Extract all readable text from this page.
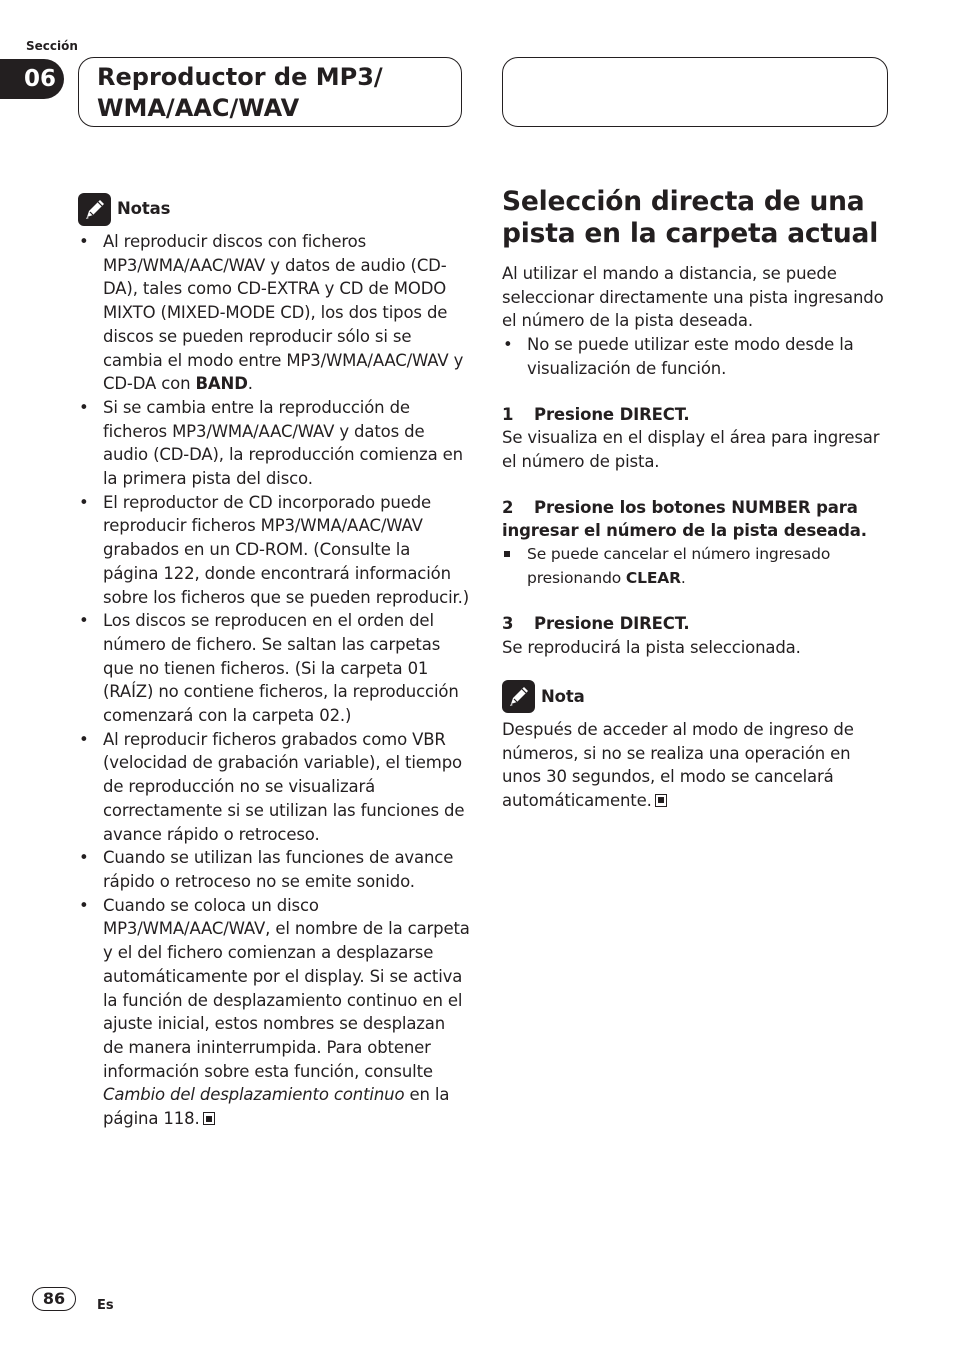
Sección
06	Reproductor de MP3/
WMA/AAC/WAV
Notas
• Al reproducir discos con ficheros MP3/WMA/AAC/WAV y datos de audio (CD-DA), tales como CD-EXTRA y CD de MODO MIXTO (MIXED-MODE CD), los dos tipos de discos se pueden reproducir sólo si se cambia el modo entre MP3/WMA/AAC/WAV y CD-DA con BAND.
• Si se cambia entre la reproducción de ficheros MP3/WMA/AAC/WAV y datos de audio (CD-DA), la reproducción comienza en la primera pista del disco.
• El reproductor de CD incorporado puede reproducir ficheros MP3/WMA/AAC/WAV grabados en un CD-ROM. (Consulte la página 122, donde encontrará información sobre los ficheros que se pueden reproducir.)
• Los discos se reproducen en el orden del número de fichero. Se saltan las carpetas que no tienen ficheros. (Si la carpeta 01 (RAÍZ) no contiene ficheros, la reproducción comenzará con la carpeta 02.)
• Al reproducir ficheros grabados como VBR (velocidad de grabación variable), el tiempo de reproducción no se visualizará correctamente si se utilizan las funciones de avance rápido o retroceso.
• Cuando se utilizan las funciones de avance rápido o retroceso no se emite sonido.
• Cuando se coloca un disco MP3/WMA/AAC/WAV, el nombre de la carpeta y el del fichero comienzan a desplazarse automáticamente por el display. Si se activa la función de desplazamiento continuo en el ajuste inicial, estos nombres se desplazan de manera ininterrumpida. Para obtener información sobre esta función, consulte Cambio del desplazamiento continuo en la página 118.
Selección directa de una pista en la carpeta actual
Al utilizar el mando a distancia, se puede seleccionar directamente una pista ingresando el número de la pista deseada.
• No se puede utilizar este modo desde la visualización de función.
1 Presione DIRECT.
Se visualiza en el display el área para ingresar el número de pista.
2 Presione los botones NUMBER para ingresar el número de la pista deseada.
Se puede cancelar el número ingresado presionando CLEAR.
3 Presione DIRECT.
Se reproducirá la pista seleccionada.
Nota
Después de acceder al modo de ingreso de números, si no se realiza una operación en unos 30 segundos, el modo se cancelará automáticamente.
86	Es
